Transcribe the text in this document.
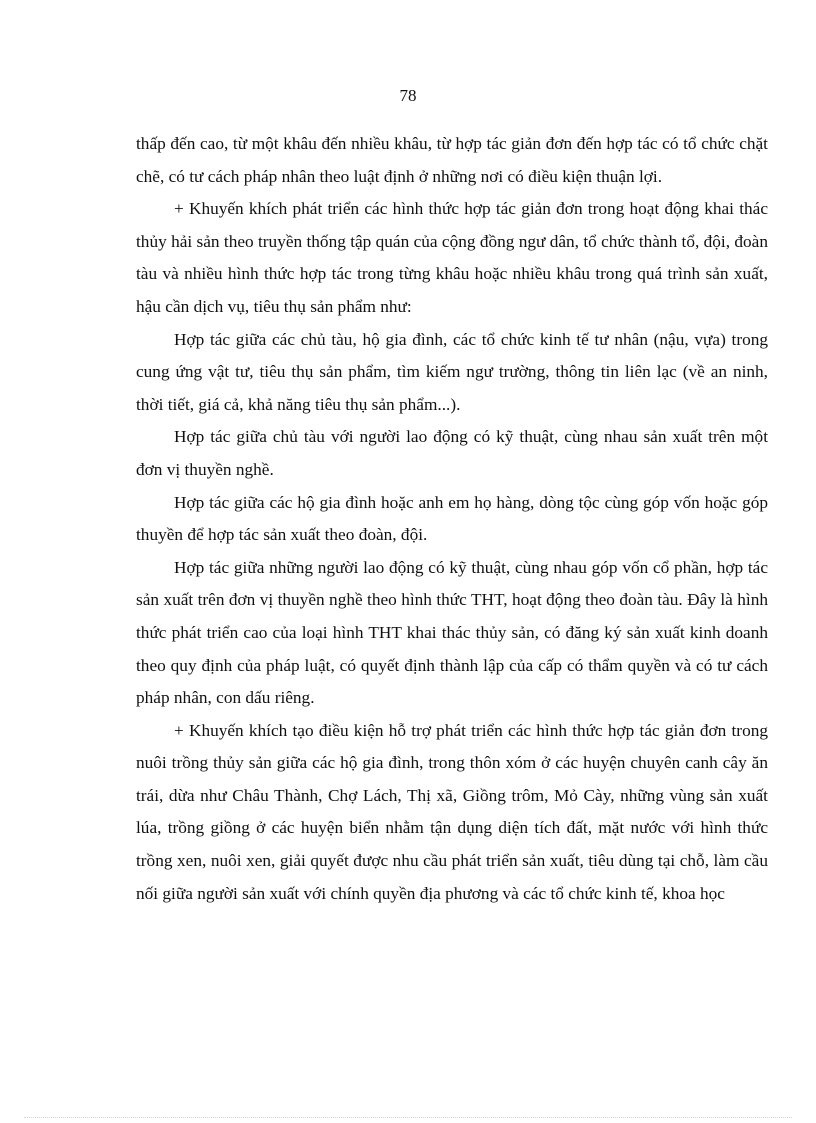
78

thấp đến cao, từ một khâu đến nhiều khâu, từ hợp tác giản đơn đến hợp tác có tổ chức chặt chẽ, có tư cách pháp nhân theo luật định ở những nơi có điều kiện thuận lợi.

+ Khuyến khích phát triển các hình thức hợp tác giản đơn trong hoạt động khai thác thủy hải sản theo truyền thống tập quán của cộng đồng ngư dân, tổ chức thành tổ, đội, đoàn tàu và nhiều hình thức hợp tác trong từng khâu hoặc nhiều khâu trong quá trình sản xuất, hậu cần dịch vụ, tiêu thụ sản phẩm như:

Hợp tác giữa các chủ tàu, hộ gia đình, các tổ chức kinh tế tư nhân (nậu, vựa) trong cung ứng vật tư, tiêu thụ sản phẩm, tìm kiếm ngư trường, thông tin liên lạc (về an ninh, thời tiết, giá cả, khả năng tiêu thụ sản phẩm...).

Hợp tác giữa chủ tàu với người lao động có kỹ thuật, cùng nhau sản xuất trên một đơn vị thuyền nghề.

Hợp tác giữa các hộ gia đình hoặc anh em họ hàng, dòng tộc cùng góp vốn hoặc góp thuyền để hợp tác sản xuất theo đoàn, đội.

Hợp tác giữa những người lao động có kỹ thuật, cùng nhau góp vốn cổ phần, hợp tác sản xuất trên đơn vị thuyền nghề theo hình thức THT, hoạt động theo đoàn tàu. Đây là hình thức phát triển cao của loại hình THT khai thác thủy sản, có đăng ký sản xuất kinh doanh theo quy định của pháp luật, có quyết định thành lập của cấp có thẩm quyền và có tư cách pháp nhân, con dấu riêng.

+ Khuyến khích tạo điều kiện hỗ trợ phát triển các hình thức hợp tác giản đơn trong nuôi trồng thủy sản giữa các hộ gia đình, trong thôn xóm ở các huyện chuyên canh cây ăn trái, dừa như Châu Thành, Chợ Lách, Thị xã, Giồng trôm, Mỏ Cày, những vùng sản xuất lúa, trồng giồng ở các huyện biển nhằm tận dụng diện tích đất, mặt nước với hình thức trồng xen, nuôi xen, giải quyết được nhu cầu phát triển sản xuất, tiêu dùng tại chỗ, làm cầu nối giữa người sản xuất với chính quyền địa phương và các tổ chức kinh tế, khoa học
